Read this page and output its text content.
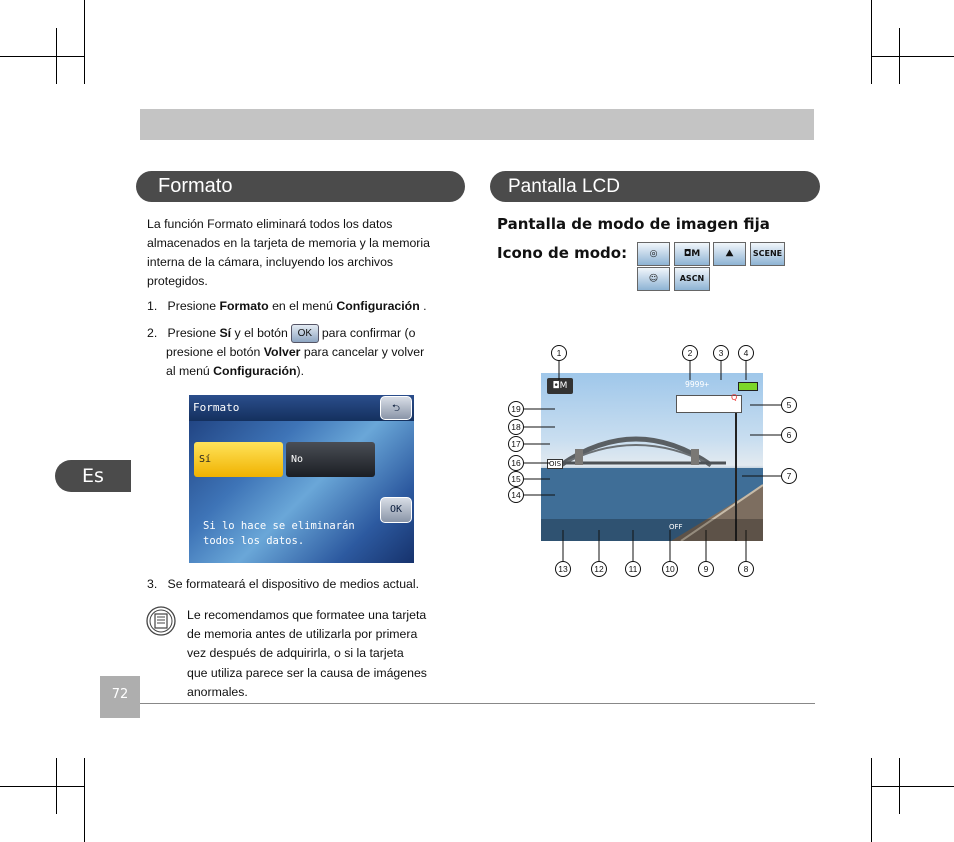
Formato
La función Formato eliminará todos los datos
almacenados en la tarjeta de memoria y la memoria
interna de la cámara, incluyendo los archivos
protegidos.
1. Presione Formato en el menú Configuración .
2. Presione Sí y el botón OK para confirmar (o
presione el botón Volver para cancelar y volver
al menú Configuración).
Formato	⮌
Sí	No
OK
Si lo hace se eliminarán
todos los datos.
3. Se formateará el dispositivo de medios actual.
Le recomendamos que formatee una tarjeta
de memoria antes de utilizarla por primera
vez después de adquirirla, o si la tarjeta
que utiliza parece ser la causa de imágenes
anormales.
Es
72
Pantalla LCD
Pantalla de modo de imagen fija
Icono de modo:	◎	◘M	⛰	SCENE
☺	ASCN
◘M	9999+
Q
OIS
OFF
1	2	3	4
5
6
7
19
18
17
16
15
14
13	12	11	10	9	8
